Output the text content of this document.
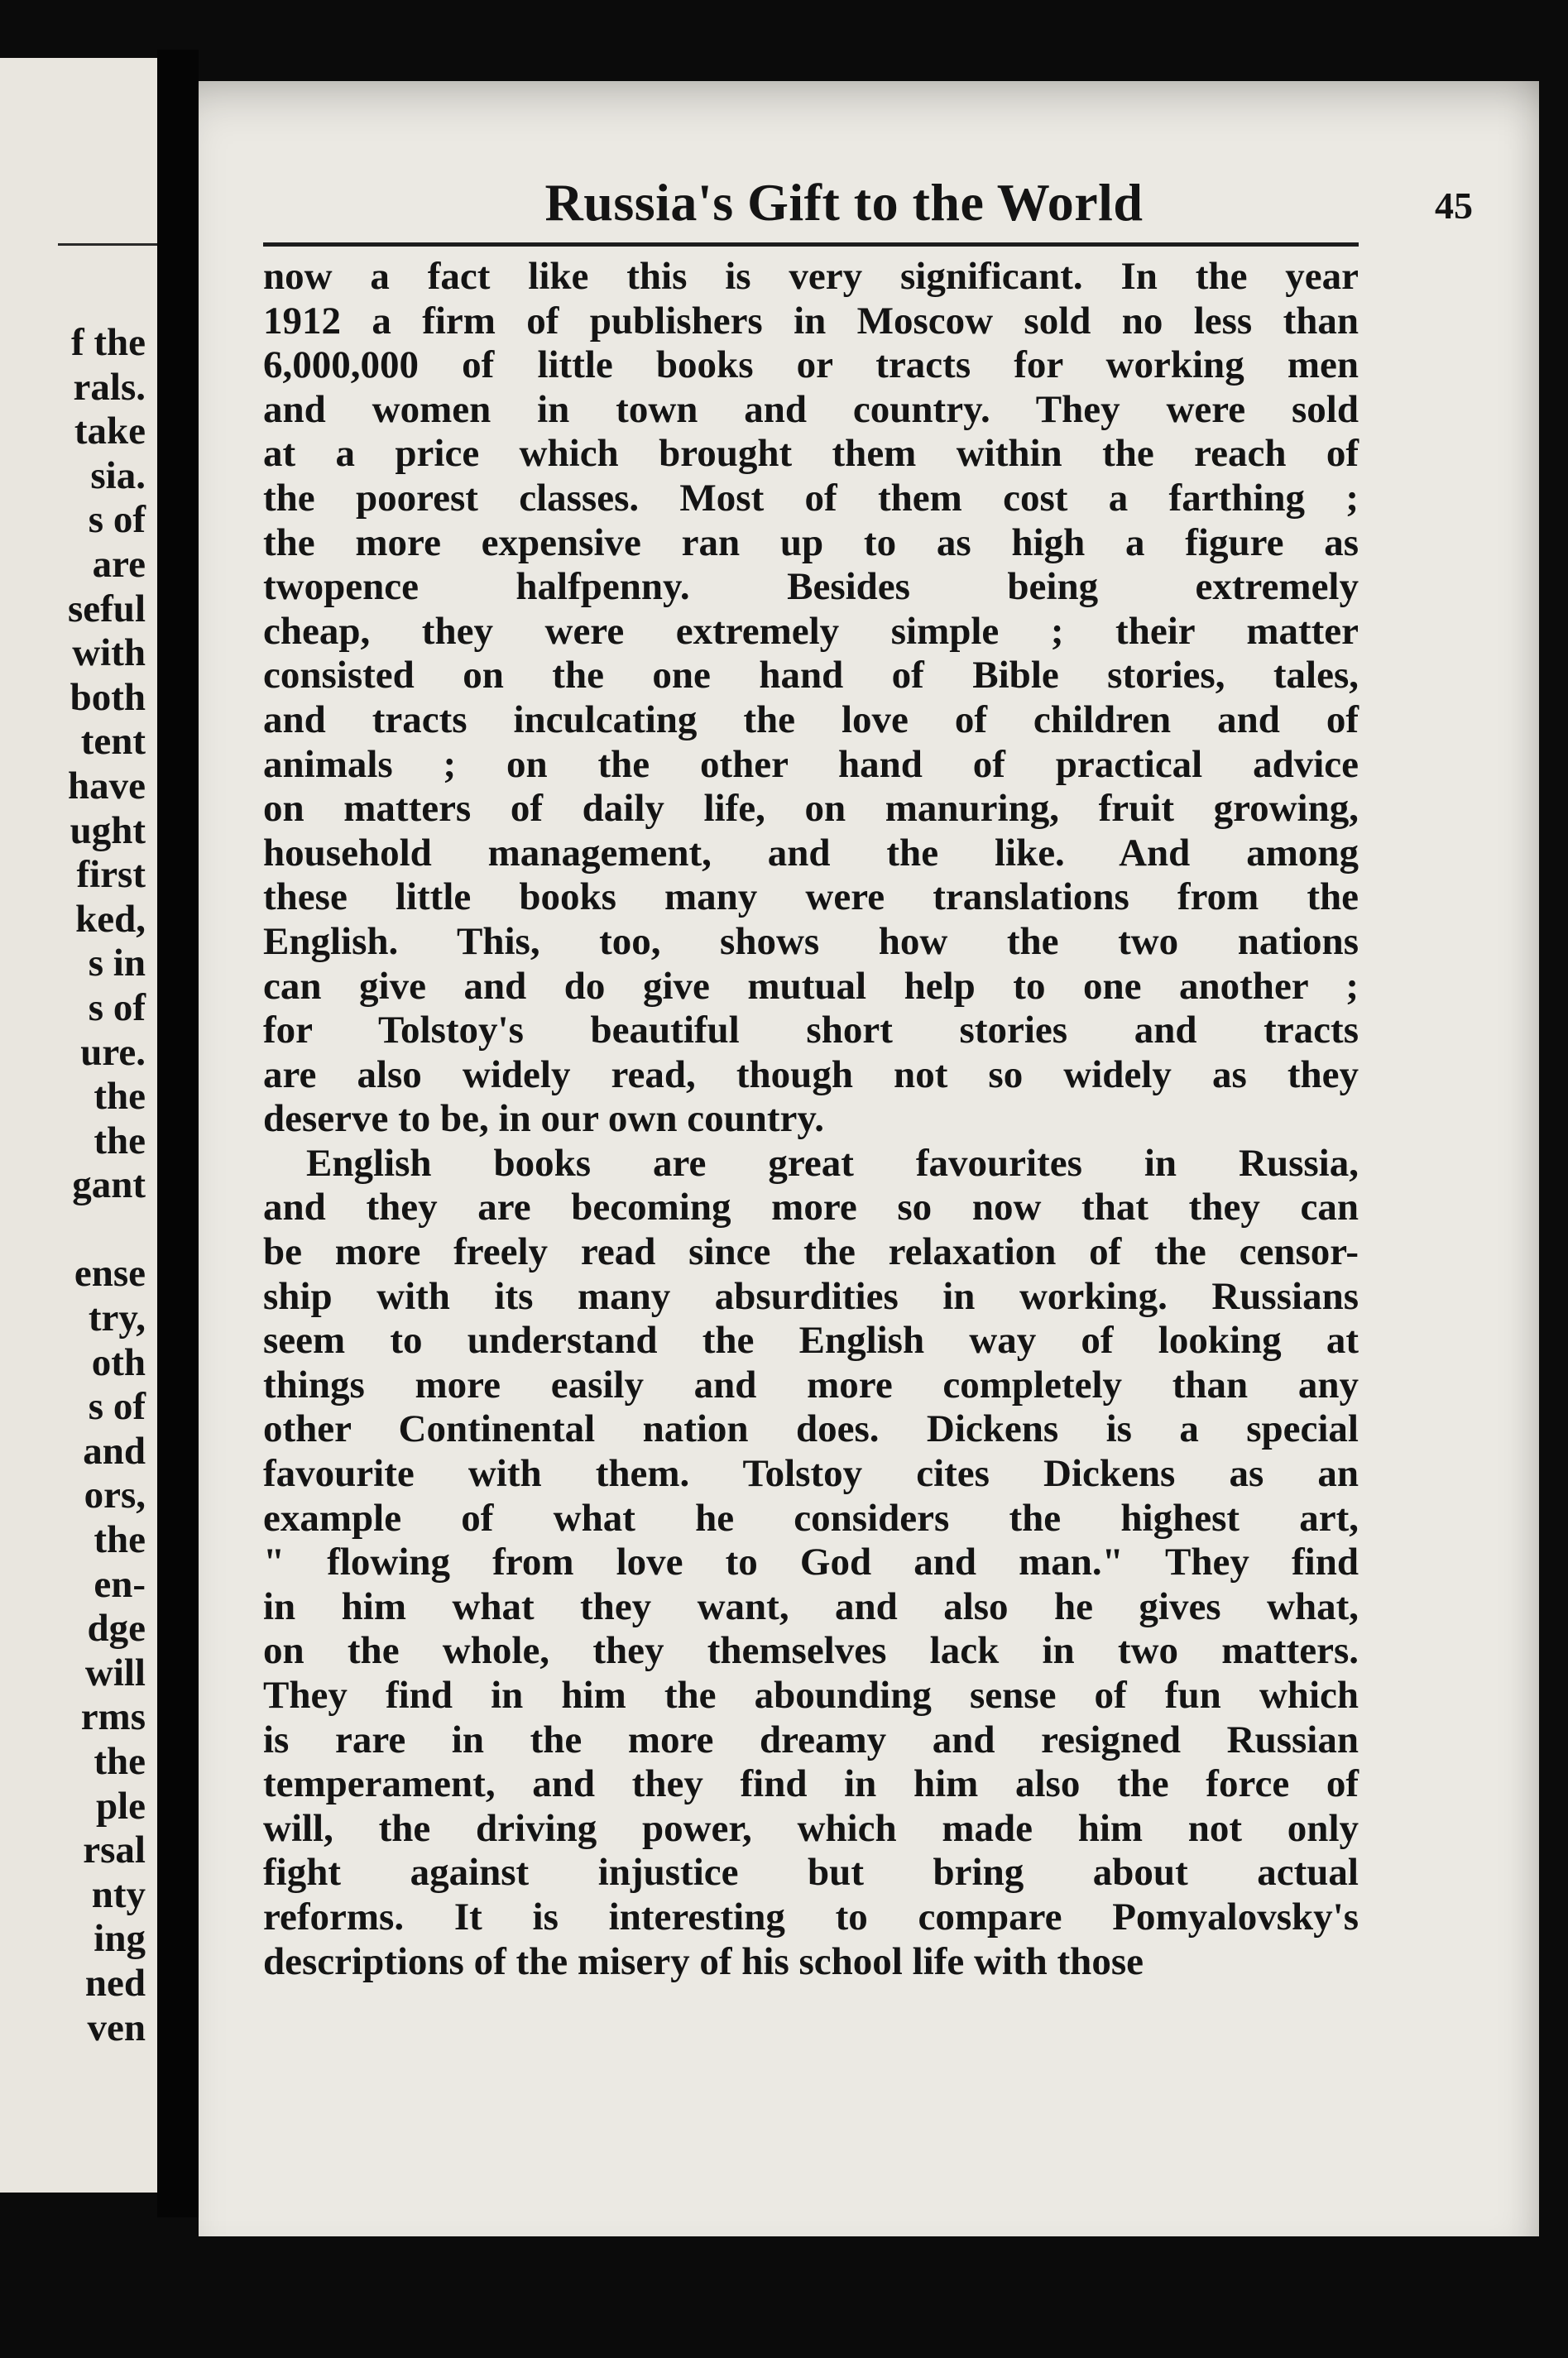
f the
rals.
take
sia.
s of
are
seful
with
both
tent
have
ught
first
ked,
s in
s of
ure.
the
the
gant
ense
try,
oth
s of
and
ors,
the
en-
dge
will
rms
the
ple
rsal
nty
ing
ned
ven
Russia's Gift to the World	45
now a fact like this is very significant. In the year
1912 a firm of publishers in Moscow sold no less than
6,000,000 of little books or tracts for working men
and women in town and country. They were sold
at a price which brought them within the reach of
the poorest classes. Most of them cost a farthing ;
the more expensive ran up to as high a figure as
twopence halfpenny. Besides being extremely
cheap, they were extremely simple ; their matter
consisted on the one hand of Bible stories, tales,
and tracts inculcating the love of children and of
animals ; on the other hand of practical advice
on matters of daily life, on manuring, fruit growing,
household management, and the like. And among
these little books many were translations from the
English. This, too, shows how the two nations
can give and do give mutual help to one another ;
for Tolstoy's beautiful short stories and tracts
are also widely read, though not so widely as they
deserve to be, in our own country.
English books are great favourites in Russia,
and they are becoming more so now that they can
be more freely read since the relaxation of the censor-
ship with its many absurdities in working. Russians
seem to understand the English way of looking at
things more easily and more completely than any
other Continental nation does. Dickens is a special
favourite with them. Tolstoy cites Dickens as an
example of what he considers the highest art,
" flowing from love to God and man." They find
in him what they want, and also he gives what,
on the whole, they themselves lack in two matters.
They find in him the abounding sense of fun which
is rare in the more dreamy and resigned Russian
temperament, and they find in him also the force of
will, the driving power, which made him not only
fight against injustice but bring about actual
reforms. It is interesting to compare Pomyalovsky's
descriptions of the misery of his school life with those
